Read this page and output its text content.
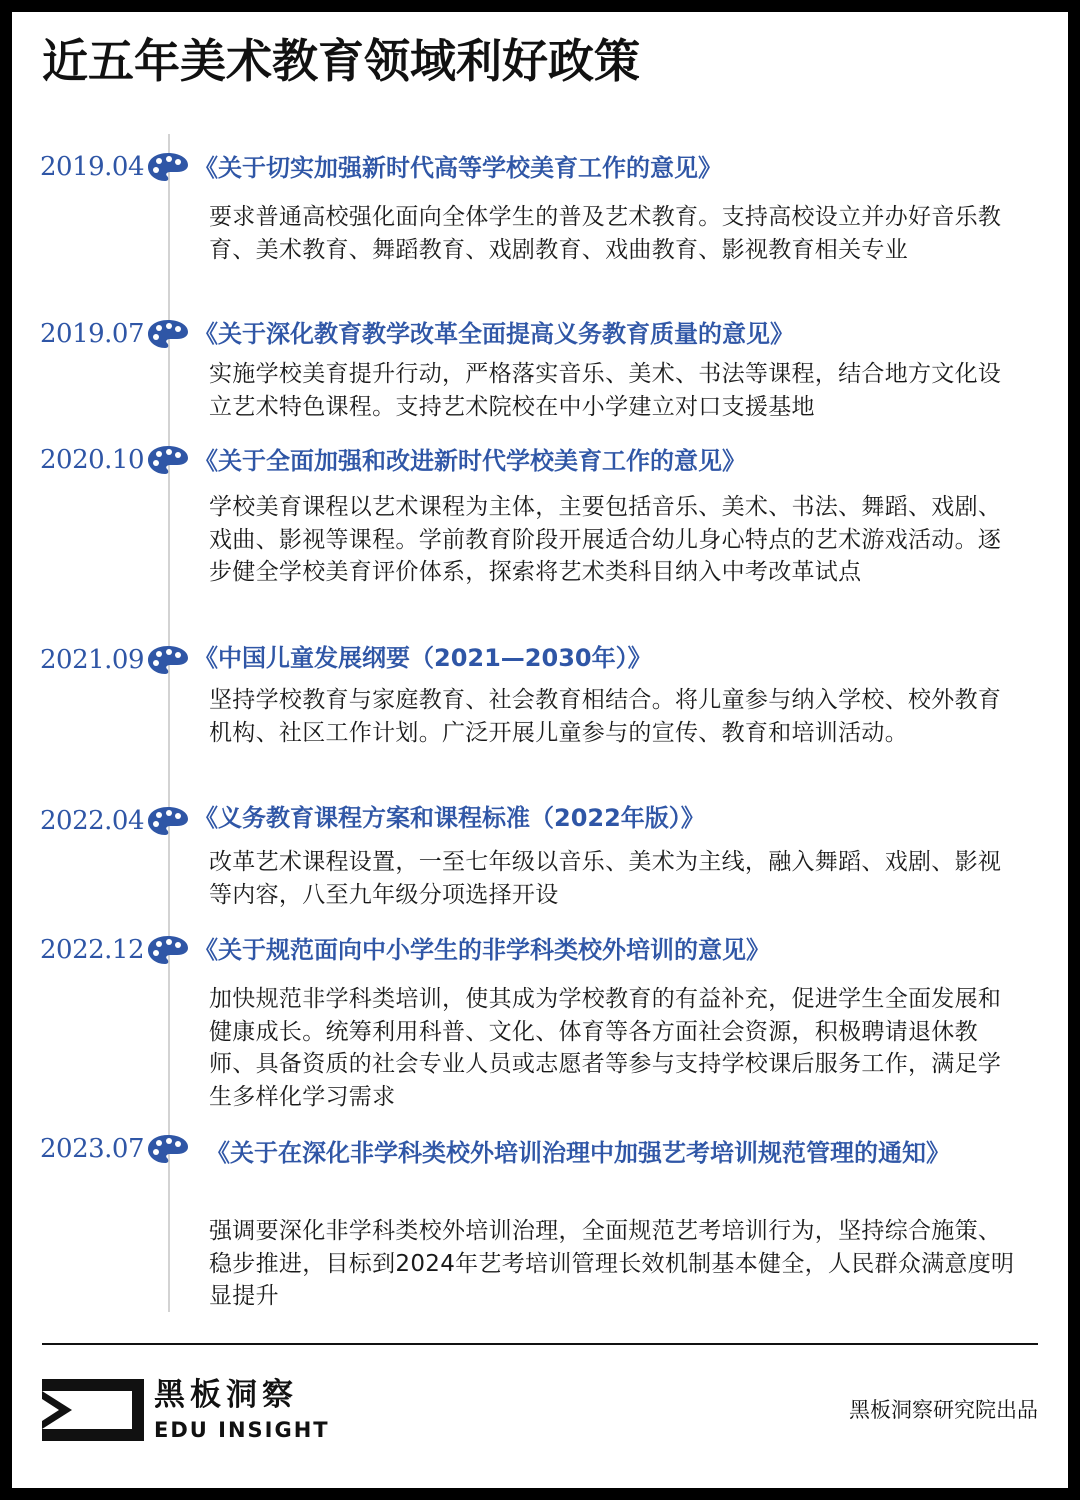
近五年美术教育领域利好政策
2019.04	《关于切实加强新时代高等学校美育工作的意见》

要求普通高校强化面向全体学生的普及艺术教育。支持高校设立并办好音乐教育、美术教育、舞蹈教育、戏剧教育、戏曲教育、影视教育相关专业

2019.07	《关于深化教育教学改革全面提高义务教育质量的意见》

实施学校美育提升行动，严格落实音乐、美术、书法等课程，结合地方文化设立艺术特色课程。支持艺术院校在中小学建立对口支援基地

2020.10	《关于全面加强和改进新时代学校美育工作的意见》

学校美育课程以艺术课程为主体，主要包括音乐、美术、书法、舞蹈、戏剧、戏曲、影视等课程。学前教育阶段开展适合幼儿身心特点的艺术游戏活动。逐步健全学校美育评价体系，探索将艺术类科目纳入中考改革试点

2021.09	《中国儿童发展纲要（2021—2030年）》

坚持学校教育与家庭教育、社会教育相结合。将儿童参与纳入学校、校外教育机构、社区工作计划。广泛开展儿童参与的宣传、教育和培训活动。

2022.04	《义务教育课程方案和课程标准（2022年版）》

改革艺术课程设置，一至七年级以音乐、美术为主线，融入舞蹈、戏剧、影视等内容，八至九年级分项选择开设

2022.12	《关于规范面向中小学生的非学科类校外培训的意见》

加快规范非学科类培训，使其成为学校教育的有益补充，促进学生全面发展和健康成长。统筹利用科普、文化、体育等各方面社会资源，积极聘请退休教师、具备资质的社会专业人员或志愿者等参与支持学校课后服务工作，满足学生多样化学习需求

2023.07	《关于在深化非学科类校外培训治理中加强艺考培训规范管理的通知》

强调要深化非学科类校外培训治理，全面规范艺考培训行为，坚持综合施策、稳步推进，目标到2024年艺考培训管理长效机制基本健全，人民群众满意度明显提升

黑板洞察

EDU INSIGHT

黑板洞察研究院出品
